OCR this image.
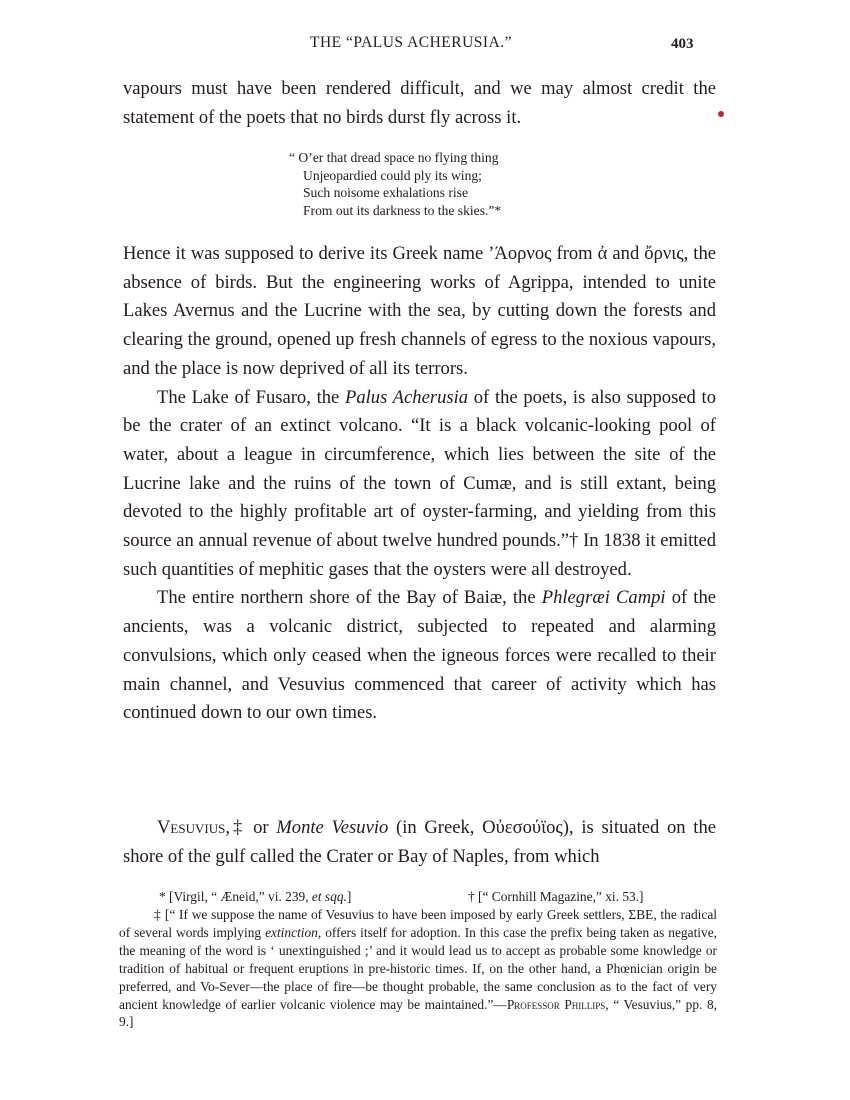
THE “PALUS ACHERUSIA.”	403

vapours must have been rendered difficult, and we may almost credit the statement of the poets that no birds durst fly across it.

“ O’er that dread space no flying thing
Unjeopardied could ply its wing;
Such noisome exhalations rise
From out its darkness to the skies.”*

Hence it was supposed to derive its Greek name ’Άορνος from ἀ and ὄρνις, the absence of birds. But the engineering works of Agrippa, intended to unite Lakes Avernus and the Lucrine with the sea, by cutting down the forests and clearing the ground, opened up fresh channels of egress to the noxious vapours, and the place is now deprived of all its terrors.

The Lake of Fusaro, the Palus Acherusia of the poets, is also supposed to be the crater of an extinct volcano. “It is a black volcanic-looking pool of water, about a league in circumference, which lies between the site of the Lucrine lake and the ruins of the town of Cumæ, and is still extant, being devoted to the highly profitable art of oyster-farming, and yielding from this source an annual revenue of about twelve hundred pounds.”† In 1838 it emitted such quantities of mephitic gases that the oysters were all destroyed.

The entire northern shore of the Bay of Baiæ, the Phlegræi Campi of the ancients, was a volcanic district, subjected to repeated and alarming convulsions, which only ceased when the igneous forces were recalled to their main channel, and Vesuvius commenced that career of activity which has continued down to our own times.

Vesuvius,‡ or Monte Vesuvio (in Greek, Οὐεσούϊος), is situated on the shore of the gulf called the Crater or Bay of Naples, from which

* [Virgil, “ Æneid,” vi. 239, et sqq.]	† [“ Cornhill Magazine,” xi. 53.]

‡ [“ If we suppose the name of Vesuvius to have been imposed by early Greek settlers, ΣΒΕ, the radical of several words implying extinction, offers itself for adoption. In this case the prefix being taken as negative, the meaning of the word is ‘ unextinguished ;’ and it would lead us to accept as probable some knowledge or tradition of habitual or frequent eruptions in pre-historic times. If, on the other hand, a Phœnician origin be preferred, and Vo-Sever—the place of fire—be thought probable, the same conclusion as to the fact of very ancient knowledge of earlier volcanic violence may be maintained.”—Professor Phillips, “ Vesuvius,” pp. 8, 9.]
